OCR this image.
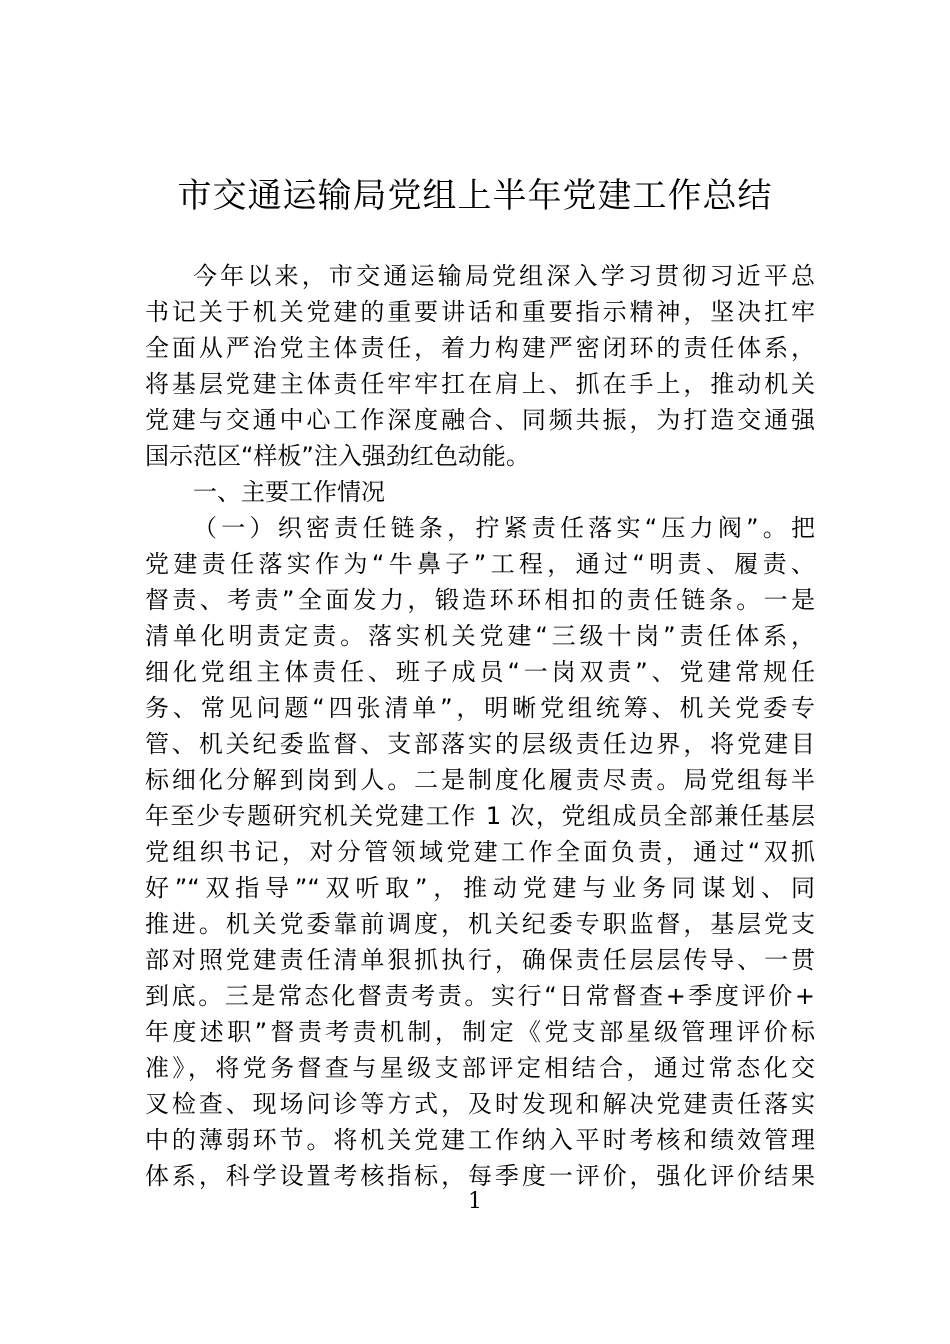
市交通运输局党组上半年党建工作总结
今年以来，市交通运输局党组深入学习贯彻习近平总
书记关于机关党建的重要讲话和重要指示精神，坚决扛牢
全面从严治党主体责任，着力构建严密闭环的责任体系，
将基层党建主体责任牢牢扛在肩上、抓在手上，推动机关
党建与交通中心工作深度融合、同频共振，为打造交通强
国示范区“样板”注入强劲红色动能。
一、主要工作情况
（一）织密责任链条，拧紧责任落实“压力阀”。把
党建责任落实作为“牛鼻子”工程，通过“明责、履责、
督责、考责”全面发力，锻造环环相扣的责任链条。一是
清单化明责定责。落实机关党建“三级十岗”责任体系，
细化党组主体责任、班子成员“一岗双责”、党建常规任
务、常见问题“四张清单”，明晰党组统筹、机关党委专
管、机关纪委监督、支部落实的层级责任边界，将党建目
标细化分解到岗到人。二是制度化履责尽责。局党组每半
年至少专题研究机关党建工作 1 次，党组成员全部兼任基层
党组织书记，对分管领域党建工作全面负责，通过“双抓
好”“双指导”“双听取”，推动党建与业务同谋划、同
推进。机关党委靠前调度，机关纪委专职监督，基层党支
部对照党建责任清单狠抓执行，确保责任层层传导、一贯
到底。三是常态化督责考责。实行“日常督查+季度评价+
年度述职”督责考责机制，制定《党支部星级管理评价标
准》，将党务督查与星级支部评定相结合，通过常态化交
叉检查、现场问诊等方式，及时发现和解决党建责任落实
中的薄弱环节。将机关党建工作纳入平时考核和绩效管理
体系，科学设置考核指标，每季度一评价，强化评价结果
1
